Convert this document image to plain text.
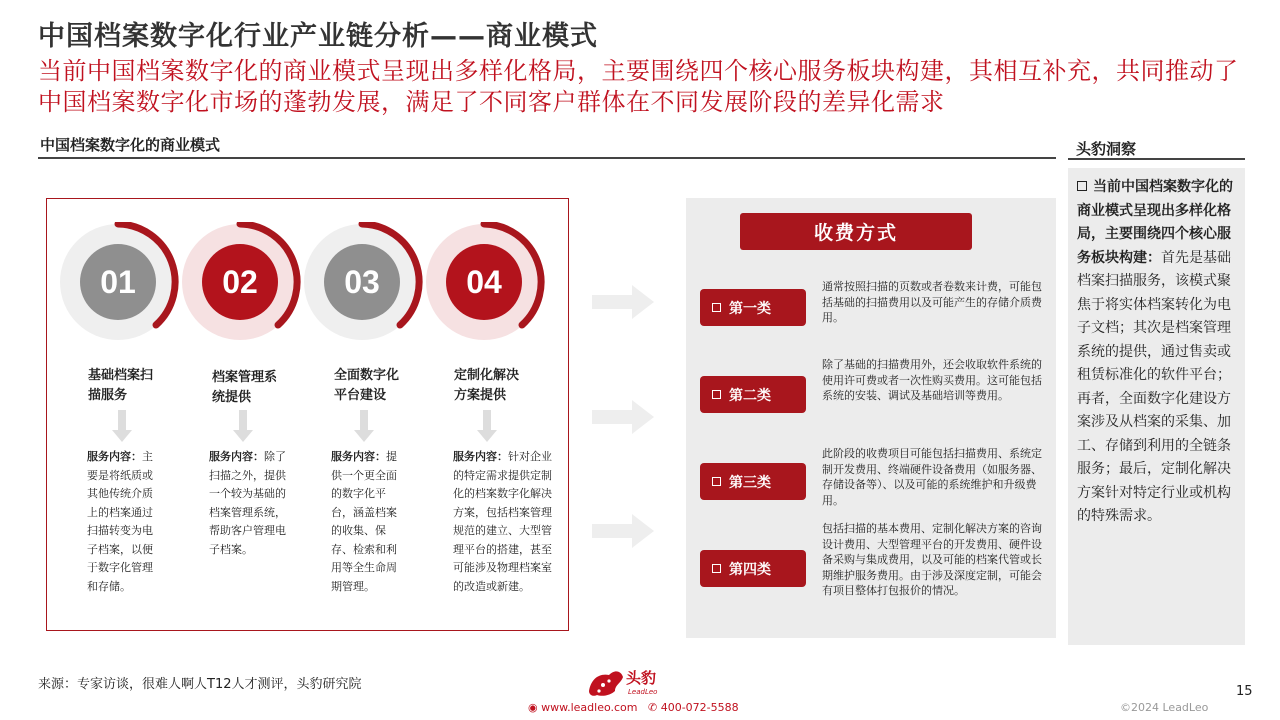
中国档案数字化行业产业链分析——商业模式
当前中国档案数字化的商业模式呈现出多样化格局，主要围绕四个核心服务板块构建，其相互补充，共同推动了中国档案数字化市场的蓬勃发展，满足了不同客户群体在不同发展阶段的差异化需求
中国档案数字化的商业模式	头豹洞察
01	02	03	04
基础档案扫
描服务
档案管理系
统提供
全面数字化
平台建设
定制化解决
方案提供
服务内容：主要是将纸质或其他传统介质上的档案通过扫描转变为电子档案，以便于数字化管理和存储。
服务内容：除了扫描之外，提供一个较为基础的档案管理系统，帮助客户管理电子档案。
服务内容：提供一个更全面的数字化平台，涵盖档案的收集、保存、检索和利用等全生命周期管理。
服务内容：针对企业的特定需求提供定制化的档案数字化解决方案，包括档案管理规范的建立、大型管理平台的搭建，甚至可能涉及物理档案室的改造或新建。
收费方式
第一类
通常按照扫描的页数或者卷数来计费，可能包括基础的扫描费用以及可能产生的存储介质费用。
第二类
除了基础的扫描费用外，还会收取软件系统的使用许可费或者一次性购买费用。这可能包括系统的安装、调试及基础培训等费用。
第三类
此阶段的收费项目可能包括扫描费用、系统定制开发费用、终端硬件设备费用（如服务器、存储设备等）、以及可能的系统维护和升级费用。
第四类
包括扫描的基本费用、定制化解决方案的咨询设计费用、大型管理平台的开发费用、硬件设备采购与集成费用，以及可能的档案代管或长期维护服务费用。由于涉及深度定制，可能会有项目整体打包报价的情况。
当前中国档案数字化的商业模式呈现出多样化格局，主要围绕四个核心服务板块构建：首先是基础档案扫描服务，该模式聚焦于将实体档案转化为电子文档；其次是档案管理系统的提供，通过售卖或租赁标准化的软件平台；再者，全面数字化建设方案涉及从档案的采集、加工、存储到利用的全链条服务；最后，定制化解决方案针对特定行业或机构的特殊需求。
来源：专家访谈，很难人啊人T12人才测评，头豹研究院	头豹
LeadLeo
◉ www.leadleo.com ✆ 400-072-5588
15
©2024 LeadLeo
